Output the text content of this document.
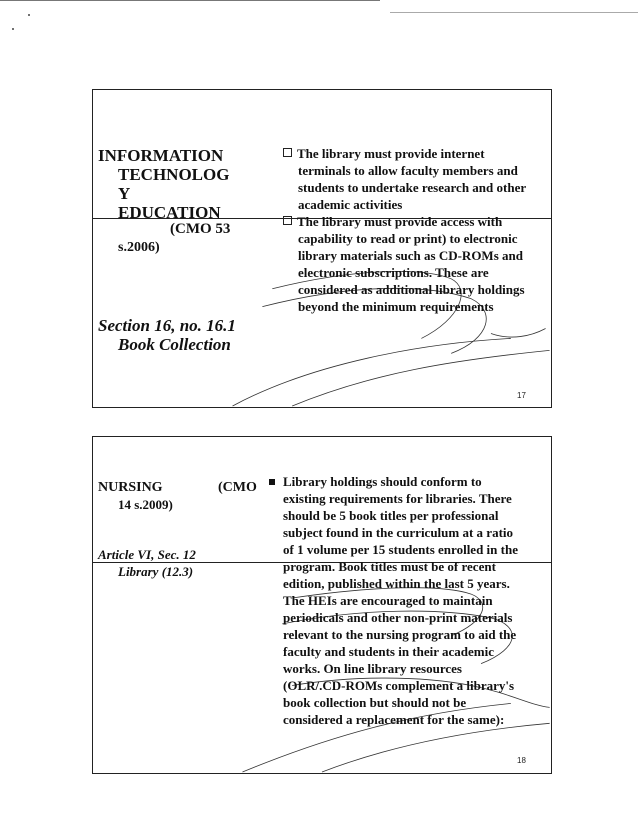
INFORMATION
TECHNOLOG
Y
EDUCATION
(CMO 53
s.2006)
Section 16, no. 16.1
Book Collection
The library must provide internet
terminals to allow faculty members and
students to undertake research and other
academic activities
The library must provide access with
capability to read or print) to electronic
library materials such as CD-ROMs and
electronic subscriptions. These are
considered as additional library holdings
beyond the minimum requirements
17
NURSING	(CMO
14 s.2009)
Article VI, Sec. 12
Library (12.3)
Library holdings should conform to
existing requirements for libraries. There
should be 5 book titles per professional
subject found in the curriculum at a ratio
of 1 volume per 15 students enrolled in the
program. Book titles must be of recent
edition, published within the last 5 years.
The HEIs are encouraged to maintain
periodicals and other non-print materials
relevant to the nursing program to aid the
faculty and students in their academic
works. On line library resources
(OLR/.CD-ROMs complement a library's
book collection but should not be
considered a replacement for the same):
18
